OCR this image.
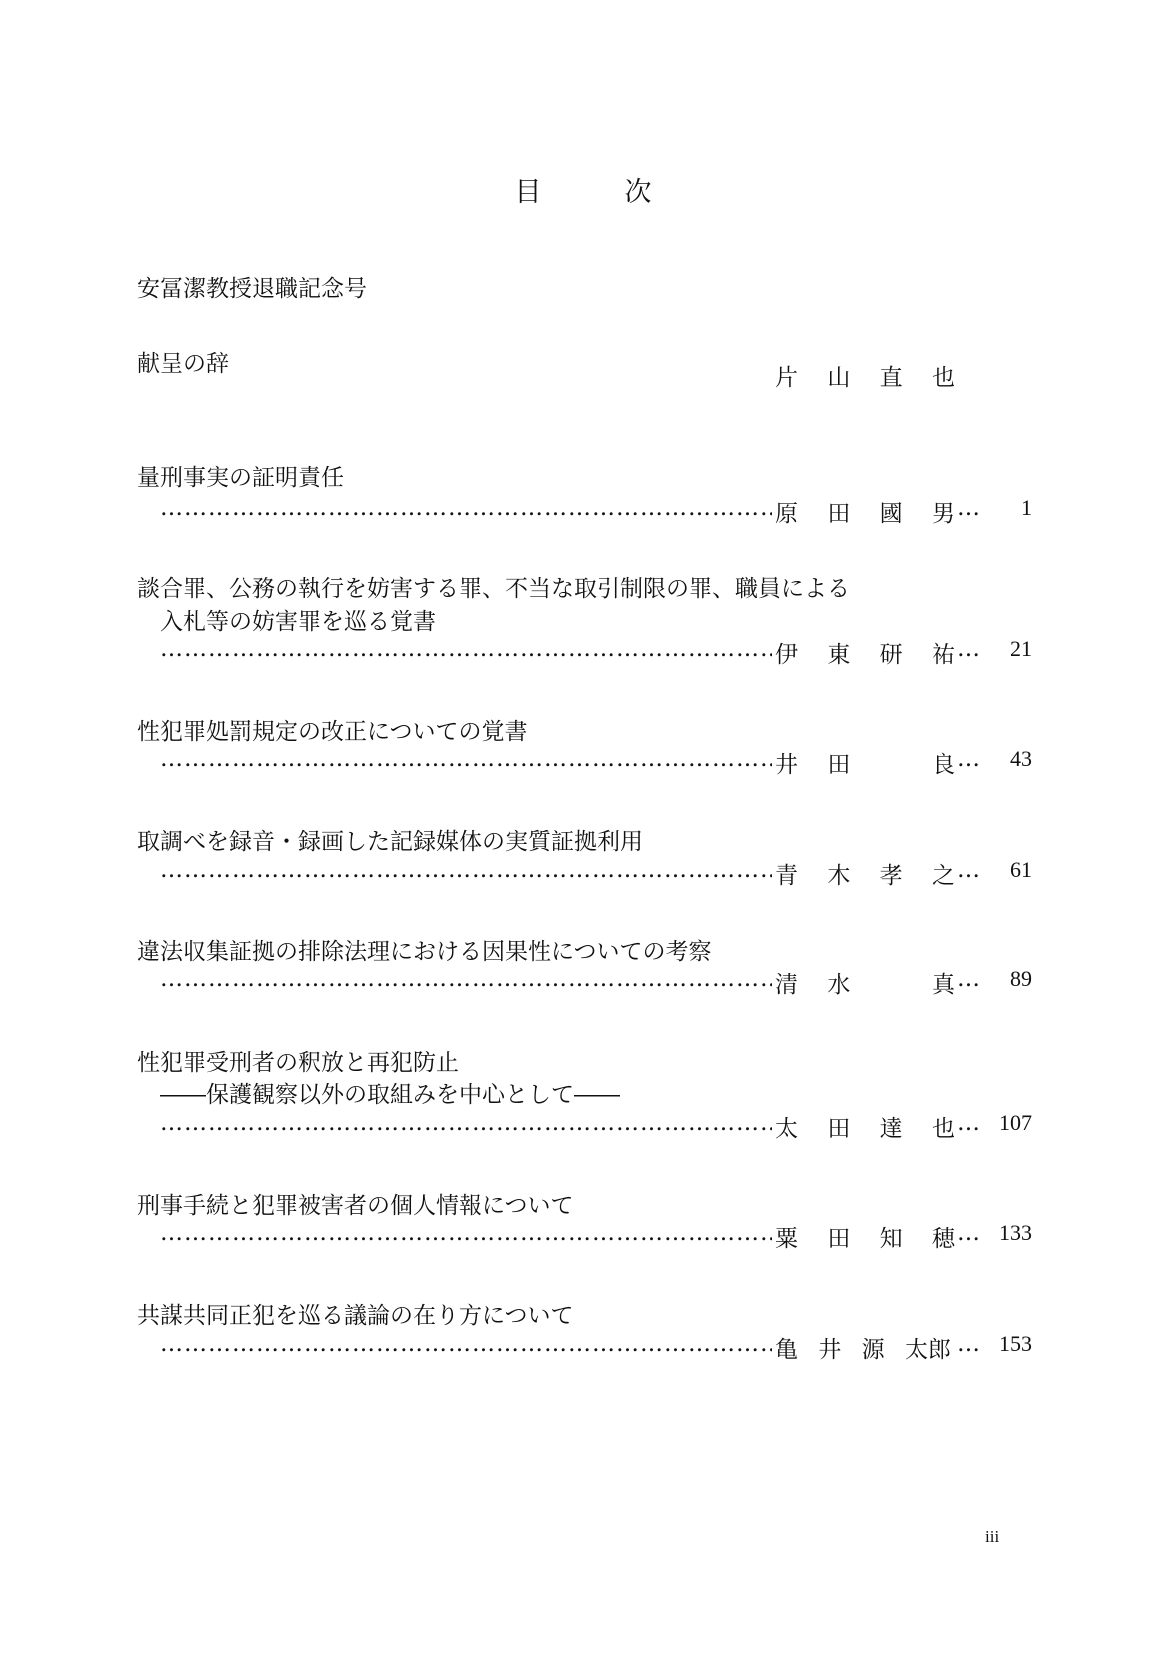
目　次
安冨潔教授退職記念号
献呈の辞
片 山 直 也
量刑事実の証明責任
………………………………………………………………………………………………………………………………
原 田 國 男 …	1
談合罪、公務の執行を妨害する罪、不当な取引制限の罪、職員による
入札等の妨害罪を巡る覚書
………………………………………………………………………………………………………………………………
伊 東 研 祐 …	21
性犯罪処罰規定の改正についての覚書
………………………………………………………………………………………………………………………………
井 田	良 …	43
取調べを録音・録画した記録媒体の実質証拠利用
………………………………………………………………………………………………………………………………
青 木 孝 之 …	61
違法収集証拠の排除法理における因果性についての考察
………………………………………………………………………………………………………………………………
清 水	真 …	89
性犯罪受刑者の釈放と再犯防止
――保護観察以外の取組みを中心として――
………………………………………………………………………………………………………………………………
太 田 達 也 … 107
刑事手続と犯罪被害者の個人情報について
………………………………………………………………………………………………………………………………
粟 田 知 穂 … 133
共謀共同正犯を巡る議論の在り方について
………………………………………………………………………………………………………………………………
亀 井 源 太郎 … 153
iii
